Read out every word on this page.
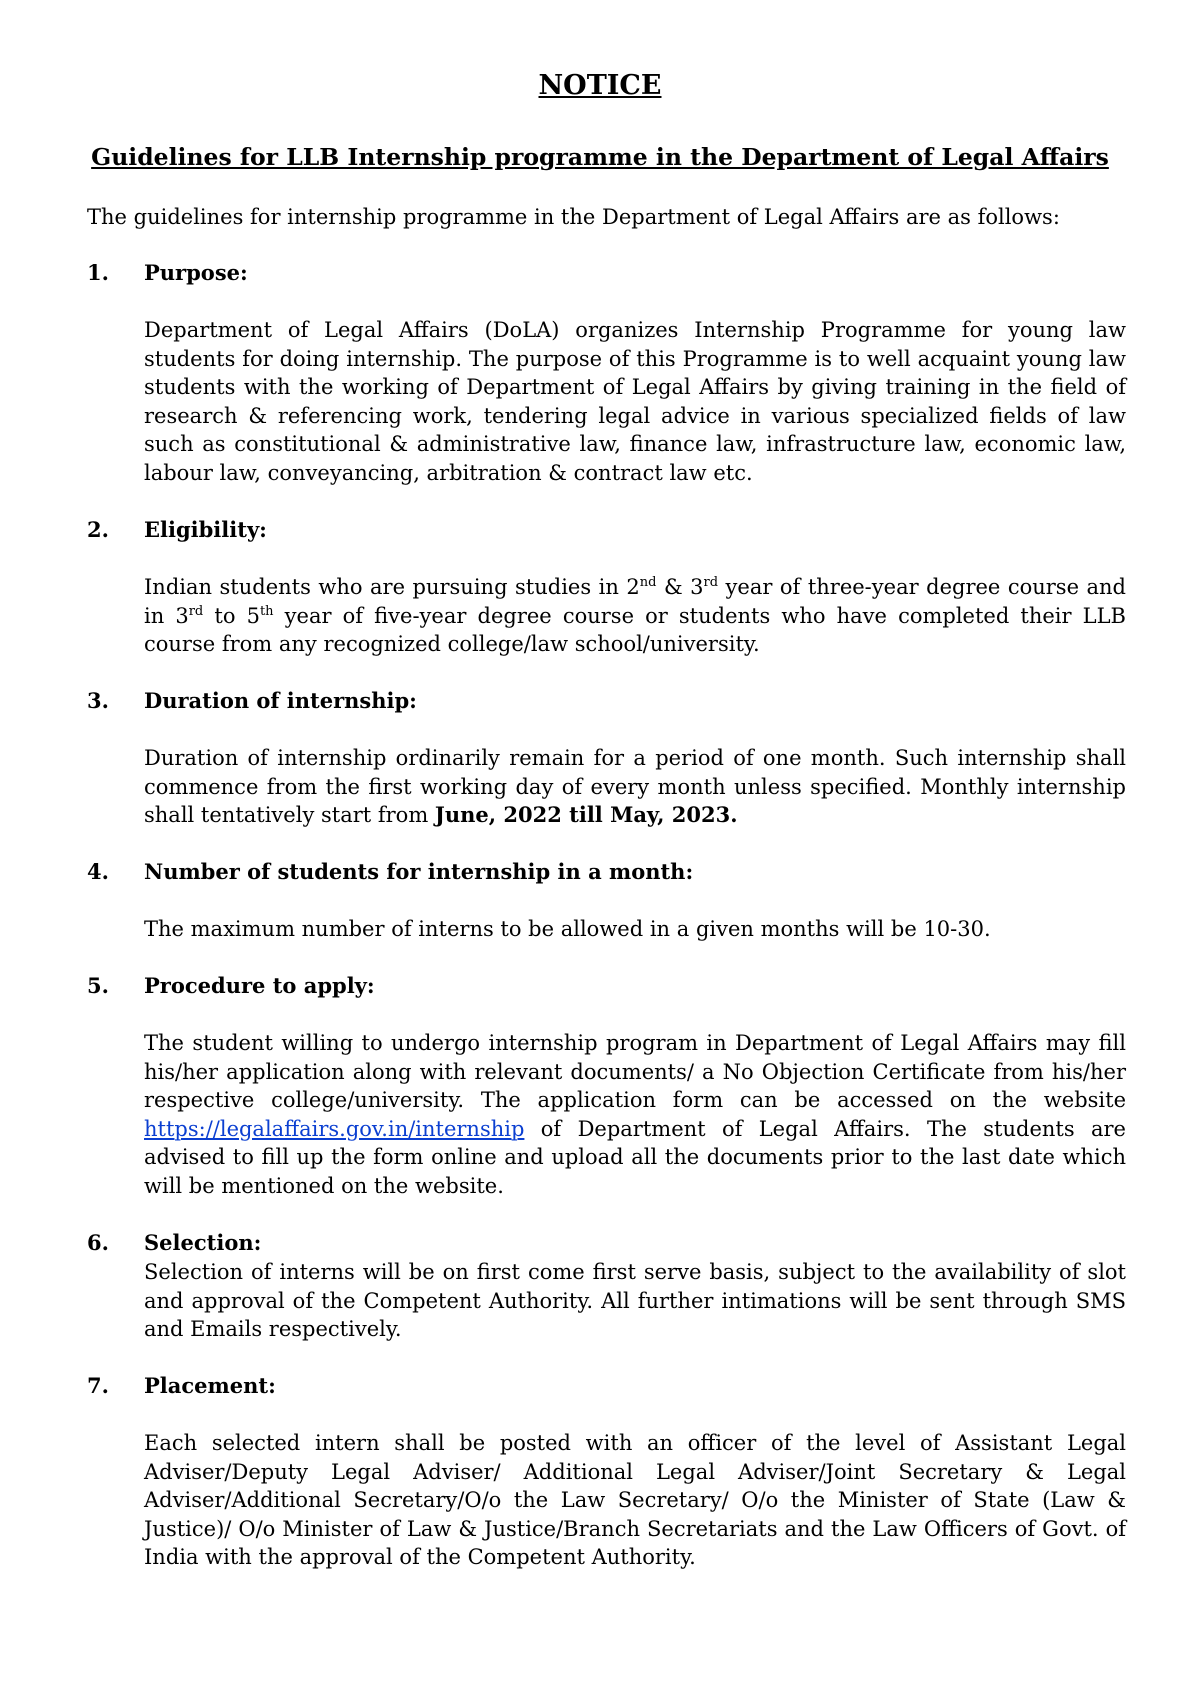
NOTICE
Guidelines for LLB Internship programme in the Department of Legal Affairs
The guidelines for internship programme in the Department of Legal Affairs are as follows:
1. Purpose:
Department of Legal Affairs (DoLA) organizes Internship Programme for young law students for doing internship. The purpose of this Programme is to well acquaint young law students with the working of Department of Legal Affairs by giving training in the field of research & referencing work, tendering legal advice in various specialized fields of law such as constitutional & administrative law, finance law, infrastructure law, economic law, labour law, conveyancing, arbitration & contract law etc.
2. Eligibility:
Indian students who are pursuing studies in 2nd & 3rd year of three-year degree course and in 3rd to 5th year of five-year degree course or students who have completed their LLB course from any recognized college/law school/university.
3. Duration of internship:
Duration of internship ordinarily remain for a period of one month. Such internship shall commence from the first working day of every month unless specified. Monthly internship shall tentatively start from June, 2022 till May, 2023.
4. Number of students for internship in a month:
The maximum number of interns to be allowed in a given months will be 10-30.
5. Procedure to apply:
The student willing to undergo internship program in Department of Legal Affairs may fill his/her application along with relevant documents/ a No Objection Certificate from his/her respective college/university. The application form can be accessed on the website https://legalaffairs.gov.in/internship of Department of Legal Affairs. The students are advised to fill up the form online and upload all the documents prior to the last date which will be mentioned on the website.
6. Selection:
Selection of interns will be on first come first serve basis, subject to the availability of slot and approval of the Competent Authority. All further intimations will be sent through SMS and Emails respectively.
7. Placement:
Each selected intern shall be posted with an officer of the level of Assistant Legal Adviser/Deputy Legal Adviser/ Additional Legal Adviser/Joint Secretary & Legal Adviser/Additional Secretary/O/o the Law Secretary/ O/o the Minister of State (Law & Justice)/ O/o Minister of Law & Justice/Branch Secretariats and the Law Officers of Govt. of India with the approval of the Competent Authority.
